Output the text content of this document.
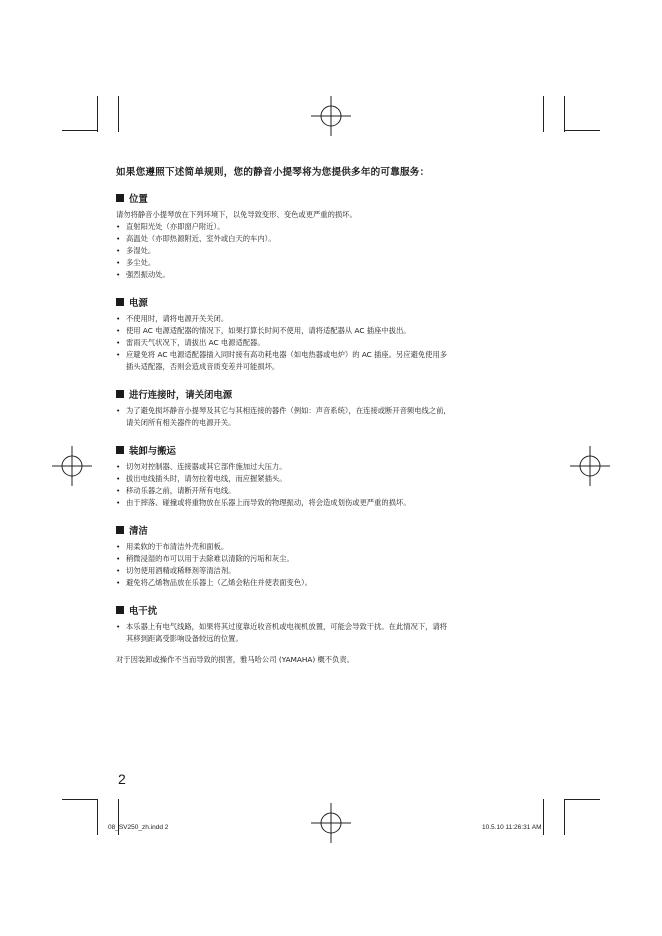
如果您遵照下述简单规则，您的静音小提琴将为您提供多年的可靠服务：

位置

请勿将静音小提琴放在下列环境下，以免导致变形、变色或更严重的损坏。

• 直射阳光处（亦即窗户附近）。
• 高温处（亦即热源附近、室外或白天的车内）。
• 多湿处。
• 多尘处。
• 强烈振动处。
电源
• 不使用时，请将电源开关关闭。
• 使用 AC 电源适配器的情况下，如果打算长时间不使用，请将适配器从 AC 插座中拔出。
• 雷雨天气状况下，请拔出 AC 电源适配器。
• 应避免将 AC 电源适配器插入同时接有高功耗电器（如电热器或电炉）的 AC 插座。另应避免使用多
插头适配器，否则会造成音质变差并可能损坏。
进行连接时，请关闭电源
• 为了避免损坏静音小提琴及其它与其相连接的器件（例如：声音系统），在连接或断开音频电线之前，
请关闭所有相关器件的电源开关。
装卸与搬运
• 切勿对控制器、连接器或其它部件施加过大压力。
• 拔出电线插头时，请勿拉着电线，而应握紧插头。
• 移动乐器之前，请断开所有电线。
• 由于摔落、碰撞或将重物放在乐器上而导致的物理振动，将会造成划伤或更严重的损坏。
清洁
• 用柔软的干布清洁外壳和面板。
• 稍微浸湿的布可以用于去除难以清除的污垢和灰尘。
• 切勿使用酒精或稀释剂等清洁剂。
• 避免将乙烯物品放在乐器上（乙烯会粘住并使表面变色）。
电干扰
• 本乐器上有电气线路，如果将其过度靠近收音机或电视机放置，可能会导致干扰。在此情况下，请将
其移到距离受影响设备较远的位置。

对于因装卸或操作不当而导致的损害，雅马哈公司 (YAMAHA) 概不负责。

2
08_SV250_zh.indd 2	10.5.10 11:26:31 AM
